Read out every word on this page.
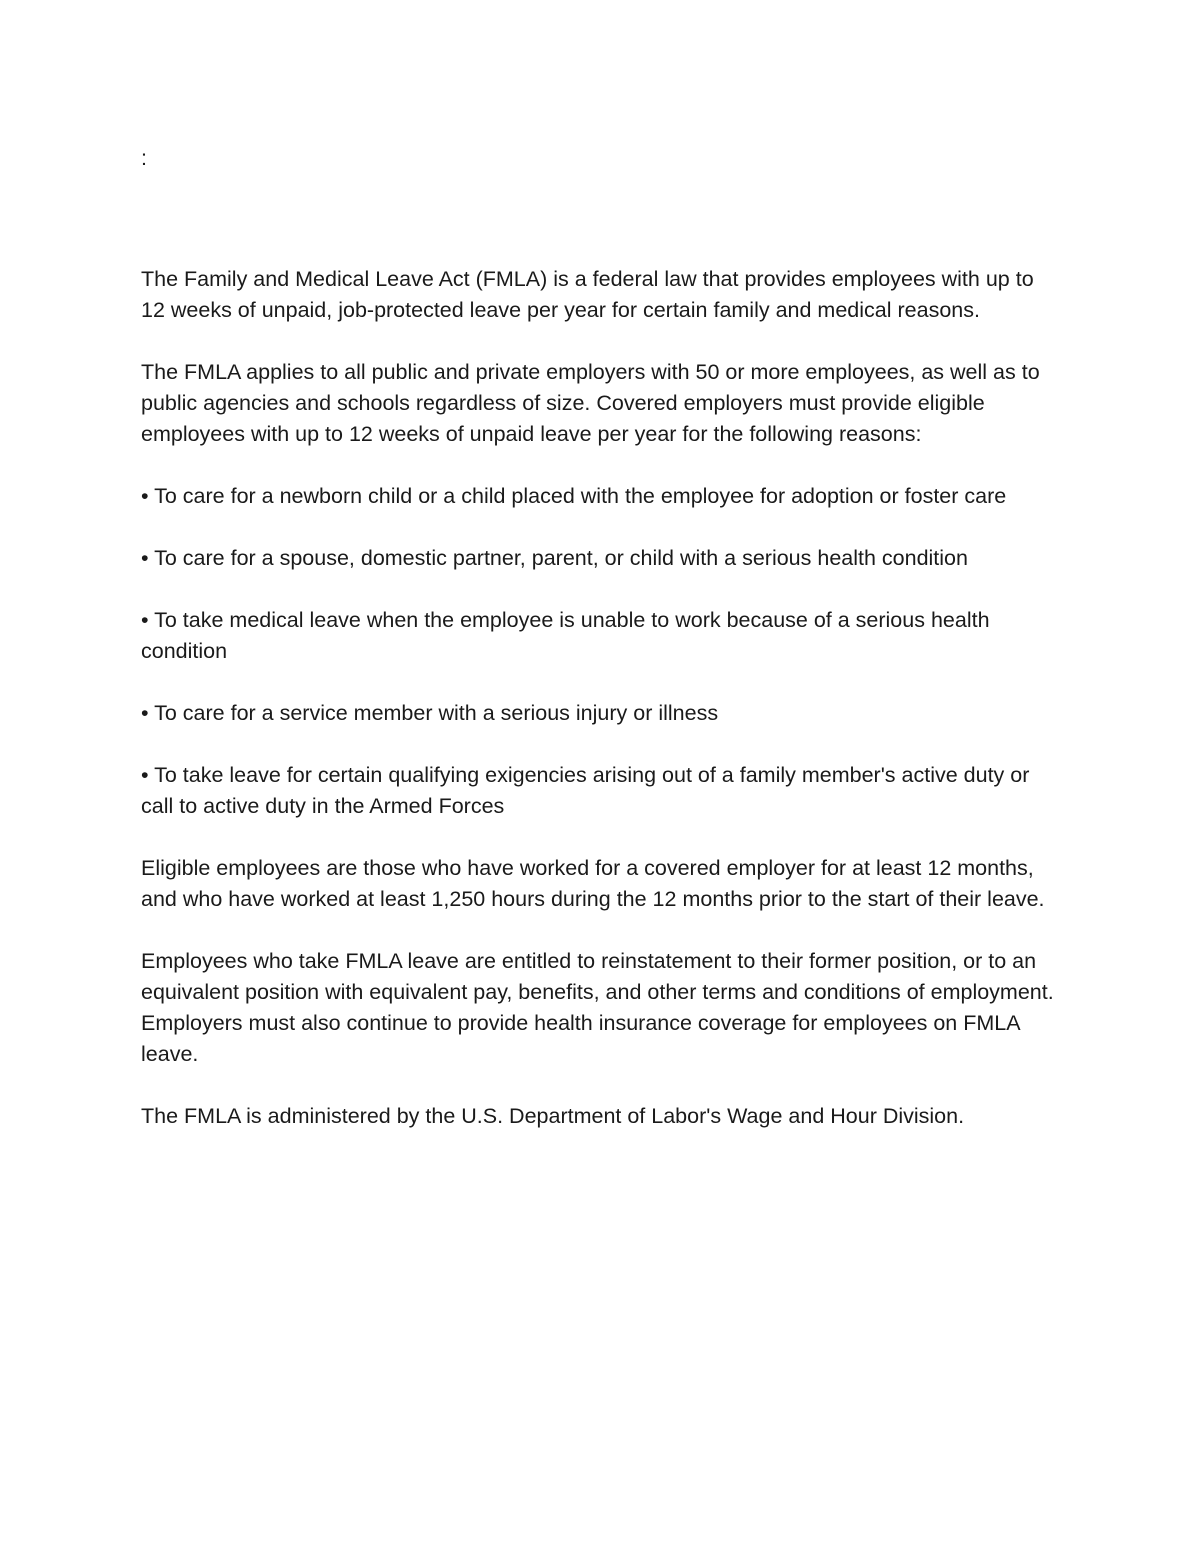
:

The Family and Medical Leave Act (FMLA) is a federal law that provides employees with up to 12 weeks of unpaid, job-protected leave per year for certain family and medical reasons.

The FMLA applies to all public and private employers with 50 or more employees, as well as to public agencies and schools regardless of size. Covered employers must provide eligible employees with up to 12 weeks of unpaid leave per year for the following reasons:

• To care for a newborn child or a child placed with the employee for adoption or foster care

• To care for a spouse, domestic partner, parent, or child with a serious health condition

• To take medical leave when the employee is unable to work because of a serious health condition

• To care for a service member with a serious injury or illness

• To take leave for certain qualifying exigencies arising out of a family member's active duty or call to active duty in the Armed Forces

Eligible employees are those who have worked for a covered employer for at least 12 months, and who have worked at least 1,250 hours during the 12 months prior to the start of their leave.

Employees who take FMLA leave are entitled to reinstatement to their former position, or to an equivalent position with equivalent pay, benefits, and other terms and conditions of employment. Employers must also continue to provide health insurance coverage for employees on FMLA leave.

The FMLA is administered by the U.S. Department of Labor's Wage and Hour Division.
